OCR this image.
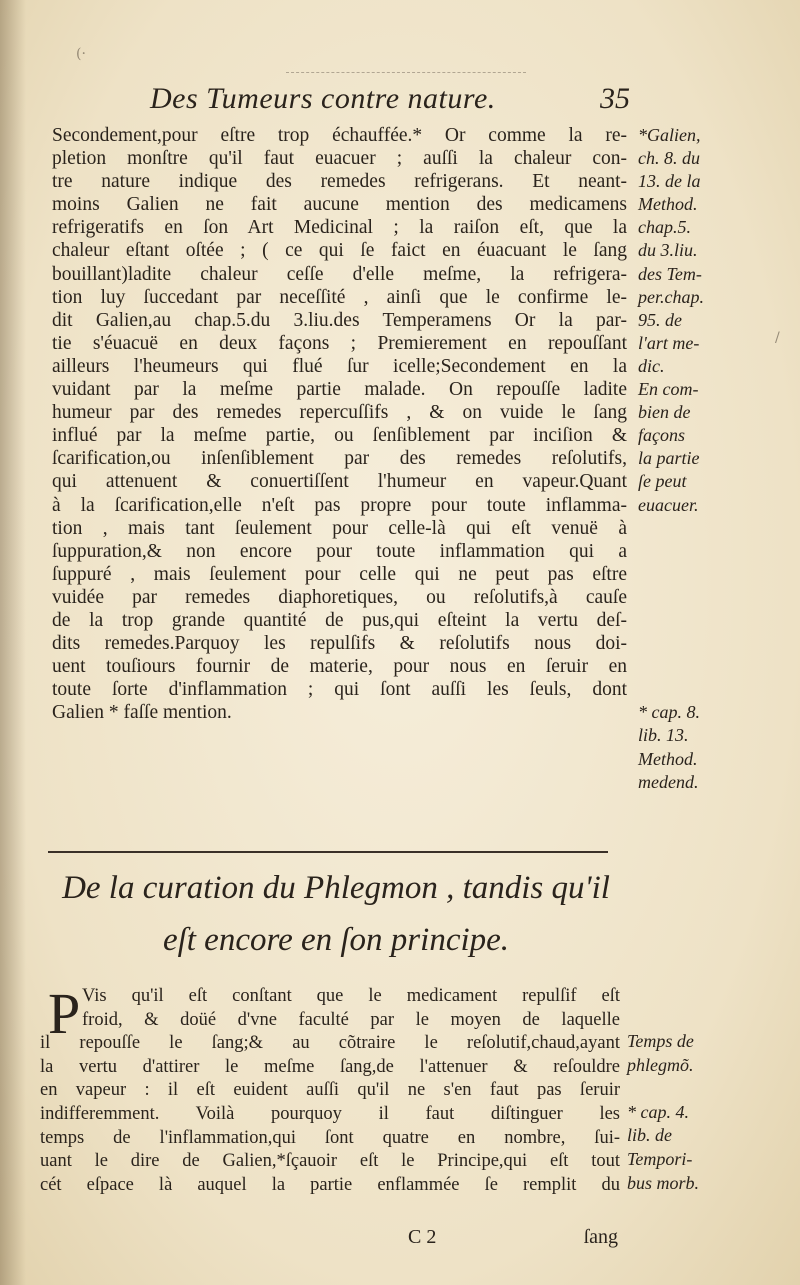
Des Tumeurs contre nature.	35
Secondement,pour eſtre trop échauffée.* Or comme la re-
pletion monſtre qu'il faut euacuer ; auſſi la chaleur con-
tre nature indique des remedes refrigerans. Et neant-
moins Galien ne fait aucune mention des medicamens
refrigeratifs en ſon Art Medicinal ; la raiſon eſt, que la
chaleur eſtant oſtée ; ( ce qui ſe faict en éuacuant le ſang
bouillant)ladite chaleur ceſſe d'elle meſme, la refrigera-
tion luy ſuccedant par neceſſité , ainſi que le confirme le-
dit Galien,au chap.5.du 3.liu.des Temperamens Or la par-
tie s'éuacuë en deux façons ; Premierement en repouſſant
ailleurs l'heumeurs qui flué ſur icelle;Secondement en la
vuidant par la meſme partie malade. On repouſſe ladite
humeur par des remedes repercuſſifs , & on vuide le ſang
influé par la meſme partie, ou ſenſiblement par inciſion &
ſcarification,ou inſenſiblement par des remedes reſolutifs,
qui attenuent & conuertiſſent l'humeur en vapeur.Quant
à la ſcarification,elle n'eſt pas propre pour toute inflamma-
tion , mais tant ſeulement pour celle-là qui eſt venuë à
ſuppuration,& non encore pour toute inflammation qui a
ſuppuré , mais ſeulement pour celle qui ne peut pas eſtre
vuidée par remedes diaphoretiques, ou reſolutifs,à cauſe
de la trop grande quantité de pus,qui eſteint la vertu deſ-
dits remedes.Parquoy les repulſifs & reſolutifs nous doi-
uent touſiours fournir de materie, pour nous en ſeruir en
toute ſorte d'inflammation ; qui ſont auſſi les ſeuls, dont
Galien * faſſe mention.
*Galien,
ch. 8. du
13. de la
Method.
chap.5.
du 3.liu.
des Tem-
per.chap.
95. de
l'art me-
dic.
En com-
bien de
façons
la partie
ſe peut
euacuer.
* cap. 8.
lib. 13.
Method.
medend.
De la curation du Phlegmon , tandis qu'il
eſt encore en ſon principe.
P Vis qu'il eſt conſtant que le medicament repulſif eſt
froid, & doüé d'vne faculté par le moyen de laquelle
il repouſſe le ſang;& au cõtraire le reſolutif,chaud,ayant
la vertu d'attirer le meſme ſang,de l'attenuer & reſouldre
en vapeur : il eſt euident auſſi qu'il ne s'en faut pas ſeruir
indifferemment. Voilà pourquoy il faut diſtinguer les
temps de l'inflammation,qui ſont quatre en nombre, ſui-
uant le dire de Galien,*ſçauoir eſt le Principe,qui eſt tout
cét eſpace là auquel la partie enflammée ſe remplit du
Temps de
phlegmõ.
* cap. 4.
lib. de
Tempori-
bus morb.
C 2	ſang
(·
/
